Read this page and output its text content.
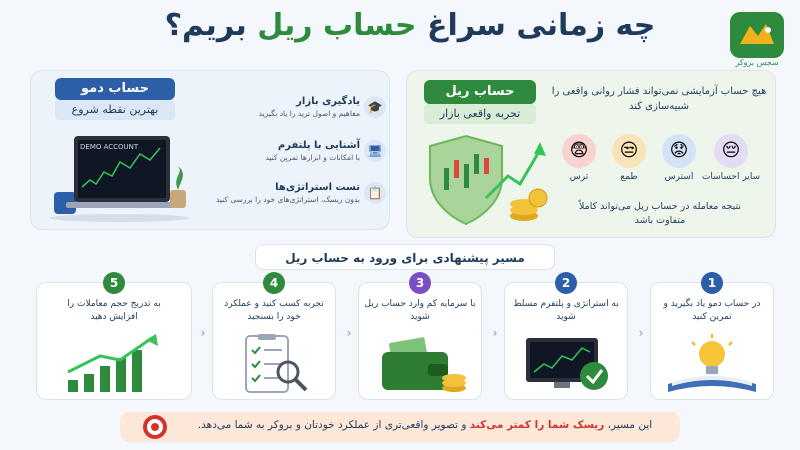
چه زمانی سراغ حساب ریل بریم؟
سجس بروکر
حساب دمو
بهترین نقطه شروع
DEMO ACCOUNT
🎓
یادگیری بازار

مفاهیم و اصول ترید را یاد بگیرید

🖥
آشنایی با پلتفرم

با امکانات و ابزارها تمرین کنید

📋
تست استراتژی‌ها

بدون ریسک، استراتژی‌های خود را بررسی کنید

حساب ریل
تجربه واقعی بازار
هیچ حساب آزمایشی نمی‌تواند فشار روانی واقعی را شبیه‌سازی کند
😨	😒	😟	😔
ترس	طمع	استرس سایر احساسات
نتیجه معامله در حساب ریل می‌تواند کاملاً متفاوت باشد
مسیر پیشنهادی برای ورود به حساب ریل
1
2
3
4
5
در حساب دمو یاد بگیرید و تمرین کنید
به استراتژی و پلتفرم مسلط شوید
با سرمایه کم وارد حساب ریل شوید
تجربه کسب کنید و عملکرد خود را بسنجید
به تدریج حجم معاملات را افزایش دهید
‹
‹
‹
‹
این مسیر، ریسک شما را کمتر می‌کند و تصویر واقعی‌تری از عملکرد خودتان و بروکر به شما می‌دهد.
